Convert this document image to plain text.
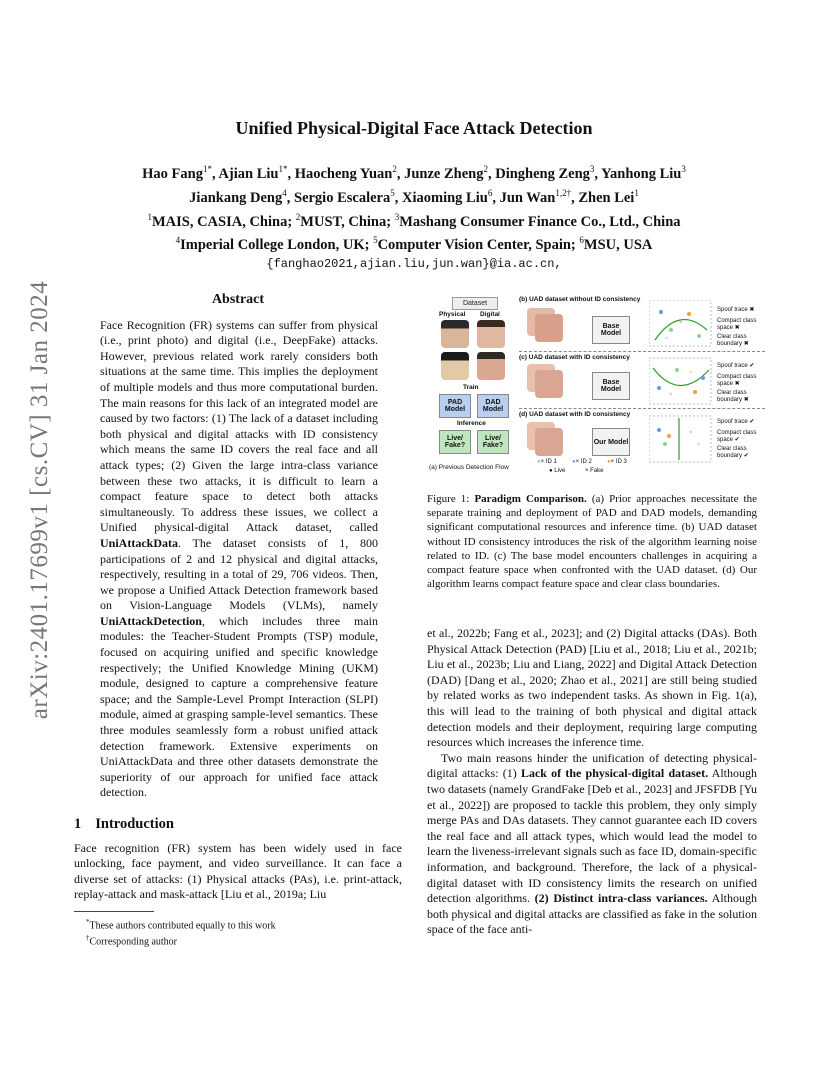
arXiv:2401.17699v1 [cs.CV] 31 Jan 2024
Unified Physical-Digital Face Attack Detection
Hao Fang$^{1*}$, Ajian Liu$^{1*}$, Haocheng Yuan$^2$, Junze Zheng$^2$, Dingheng Zeng$^3$, Yanhong Liu$^3$
Jiankang Deng$^4$, Sergio Escalera$^5$, Xiaoming Liu$^6$, Jun Wan$^{1,2\dagger}$, Zhen Lei$^1$
$^1$MAIS, CASIA, China; $^2$MUST, China; $^3$Mashang Consumer Finance Co., Ltd., China
$^4$Imperial College London, UK; $^5$Computer Vision Center, Spain; $^6$MSU, USA
{fanghao2021,ajian.liu,jun.wan}@ia.ac.cn,
Abstract

Face Recognition (FR) systems can suffer from physical (i.e., print photo) and digital (i.e., DeepFake) attacks. However, previous related work rarely considers both situations at the same time. This implies the deployment of multiple models and thus more computational burden. The main reasons for this lack of an integrated model are caused by two factors: (1) The lack of a dataset including both physical and digital attacks with ID consistency which means the same ID covers the real face and all attack types; (2) Given the large intra-class variance between these two attacks, it is difficult to learn a compact feature space to detect both attacks simultaneously. To address these issues, we collect a Unified physical-digital Attack dataset, called UniAttackData. The dataset consists of 1, 800 participations of 2 and 12 physical and digital attacks, respectively, resulting in a total of 29, 706 videos. Then, we propose a Unified Attack Detection framework based on Vision-Language Models (VLMs), namely UniAttackDetection, which includes three main modules: the Teacher-Student Prompts (TSP) module, focused on acquiring unified and specific knowledge respectively; the Unified Knowledge Mining (UKM) module, designed to capture a comprehensive feature space; and the Sample-Level Prompt Interaction (SLPI) module, aimed at grasping sample-level semantics. These three modules seamlessly form a robust unified attack detection framework. Extensive experiments on UniAttackData and three other datasets demonstrate the superiority of our approach for unified face attack detection.

1 Introduction

Face recognition (FR) system has been widely used in face unlocking, face payment, and video surveillance. It can face a diverse set of attacks: (1) Physical attacks (PAs), i.e. print-attack, replay-attack and mask-attack [Liu et al., 2019a; Liu

*These authors contributed equally to this work
†Corresponding author
Dataset
Physical Digital
Train
PAD Model
DAD Model
Inference
Live/ Fake?
Live/ Fake?
(a) Previous Detection Flow
(b) UAD dataset without ID consistency
Base Model
(c) UAD dataset with ID consistency
Base Model
(d) UAD dataset with ID consistency
Our Model
×
×
×
×
×
×
Spoof trace ✖
Compact class space ✖
Clear class boundary ✖
Spoof trace ✔
Compact class space ✖
Clear class boundary ✖
Spoof trace ✔
Compact class space ✔
Clear class boundary ✔
●× ID 1	●× ID 2	●× ID 3
● Live	× Fake
Figure 1: Paradigm Comparison. (a) Prior approaches necessitate the separate training and deployment of PAD and DAD models, demanding significant computational resources and inference time. (b) UAD dataset without ID consistency introduces the risk of the algorithm learning noise related to ID. (c) The base model encounters challenges in acquiring a compact feature space when confronted with the UAD dataset. (d) Our algorithm learns compact feature space and clear class boundaries.

et al., 2022b; Fang et al., 2023]; and (2) Digital attacks (DAs). Both Physical Attack Detection (PAD) [Liu et al., 2018; Liu et al., 2021b; Liu et al., 2023b; Liu and Liang, 2022] and Digital Attack Detection (DAD) [Dang et al., 2020; Zhao et al., 2021] are still being studied by related works as two independent tasks. As shown in Fig. 1(a), this will lead to the training of both physical and digital attack detection models and their deployment, requiring large computing resources which increases the inference time.

Two main reasons hinder the unification of detecting physical-digital attacks: (1) Lack of the physical-digital dataset. Although two datasets (namely GrandFake [Deb et al., 2023] and JFSFDB [Yu et al., 2022]) are proposed to tackle this problem, they only simply merge PAs and DAs datasets. They cannot guarantee each ID covers the real face and all attack types, which would lead the model to learn the liveness-irrelevant signals such as face ID, domain-specific information, and background. Therefore, the lack of a physical-digital dataset with ID consistency limits the research on unified detection algorithms. (2) Distinct intra-class variances. Although both physical and digital attacks are classified as fake in the solution space of the face anti-
